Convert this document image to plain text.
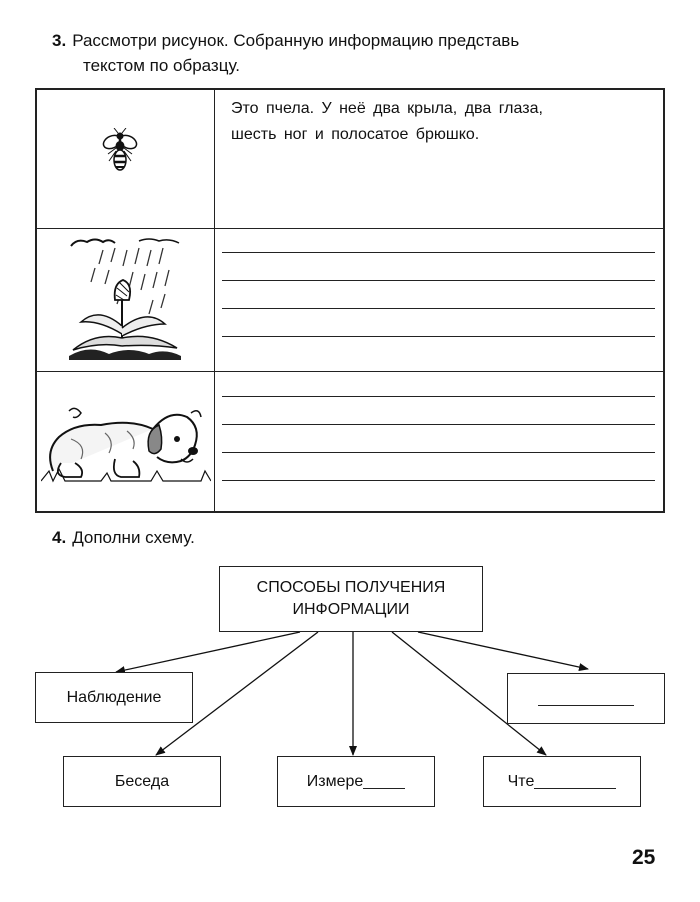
3. Рассмотри рисунок. Собранную информацию представь
текстом по образцу.
Это пчела. У неё два крыла, два глаза,
шесть ног и полосатое брюшко.
4. Дополни схему.
СПОСОБЫ ПОЛУЧЕНИЯ
ИНФОРМАЦИИ
Наблюдение
Беседа	Измере	Чте
25
